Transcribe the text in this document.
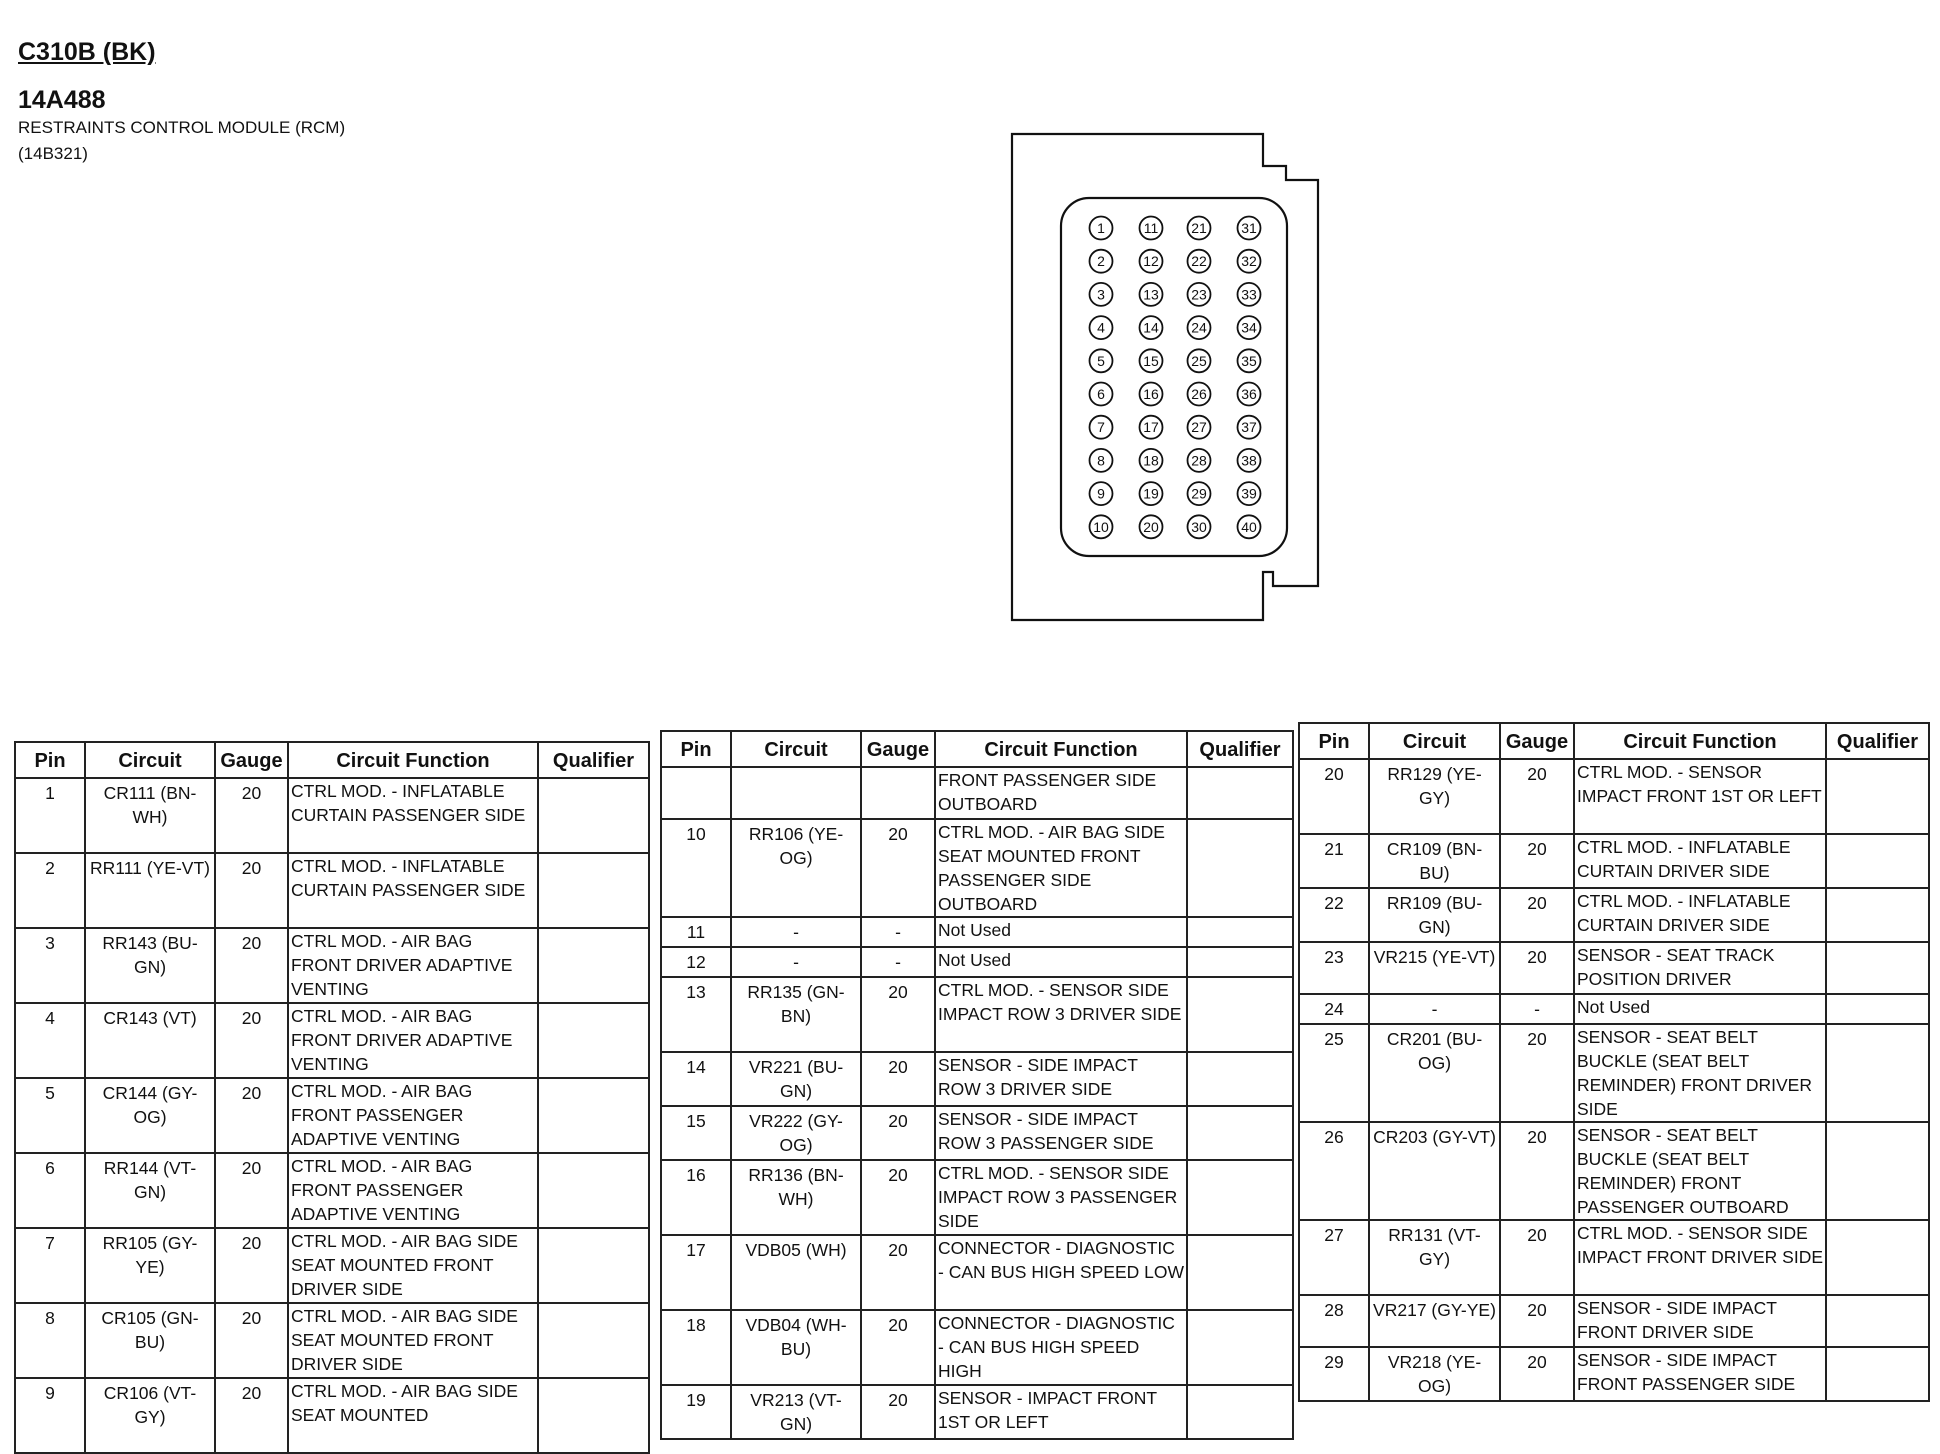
C310B (BK)
14A488
RESTRAINTS CONTROL MODULE (RCM)
(14B321)
1
2
3
4
5
6
7
8
9
10
11
12
13
14
15
16
17
18
19
20
21
22
23
24
25
26
27
28
29
30
31
32
33
34
35
36
37
38
39
40
Pin	Circuit	Gauge	Circuit Function	Qualifier
1	CR111 (BN-WH)	20	CTRL MOD. - INFLATABLE CURTAIN PASSENGER SIDE	
2	RR111 (YE-VT)	20	CTRL MOD. - INFLATABLE CURTAIN PASSENGER SIDE	
3	RR143 (BU-GN)	20	CTRL MOD. - AIR BAG FRONT DRIVER ADAPTIVE VENTING	
4	CR143 (VT)	20	CTRL MOD. - AIR BAG FRONT DRIVER ADAPTIVE VENTING	
5	CR144 (GY-OG)	20	CTRL MOD. - AIR BAG FRONT PASSENGER ADAPTIVE VENTING	
6	RR144 (VT-GN)	20	CTRL MOD. - AIR BAG FRONT PASSENGER ADAPTIVE VENTING	
7	RR105 (GY-YE)	20	CTRL MOD. - AIR BAG SIDE SEAT MOUNTED FRONT DRIVER SIDE	
8	CR105 (GN-BU)	20	CTRL MOD. - AIR BAG SIDE SEAT MOUNTED FRONT DRIVER SIDE	
9	CR106 (VT-GY)	20	CTRL MOD. - AIR BAG SIDE SEAT MOUNTED	
Pin	Circuit	Gauge	Circuit Function	Qualifier
			FRONT PASSENGER SIDE OUTBOARD	
10	RR106 (YE-OG)	20	CTRL MOD. - AIR BAG SIDE SEAT MOUNTED FRONT PASSENGER SIDE OUTBOARD	
11	-	-	Not Used	
12	-	-	Not Used	
13	RR135 (GN-BN)	20	CTRL MOD. - SENSOR SIDE IMPACT ROW 3 DRIVER SIDE	
14	VR221 (BU-GN)	20	SENSOR - SIDE IMPACT ROW 3 DRIVER SIDE	
15	VR222 (GY-OG)	20	SENSOR - SIDE IMPACT ROW 3 PASSENGER SIDE	
16	RR136 (BN-WH)	20	CTRL MOD. - SENSOR SIDE IMPACT ROW 3 PASSENGER SIDE	
17	VDB05 (WH)	20	CONNECTOR - DIAGNOSTIC - CAN BUS HIGH SPEED LOW	
18	VDB04 (WH-BU)	20	CONNECTOR - DIAGNOSTIC - CAN BUS HIGH SPEED HIGH	
19	VR213 (VT-GN)	20	SENSOR - IMPACT FRONT 1ST OR LEFT	
Pin	Circuit	Gauge	Circuit Function	Qualifier
20	RR129 (YE-GY)	20	CTRL MOD. - SENSOR IMPACT FRONT 1ST OR LEFT	
21	CR109 (BN-BU)	20	CTRL MOD. - INFLATABLE CURTAIN DRIVER SIDE	
22	RR109 (BU-GN)	20	CTRL MOD. - INFLATABLE CURTAIN DRIVER SIDE	
23	VR215 (YE-VT)	20	SENSOR - SEAT TRACK POSITION DRIVER	
24	-	-	Not Used	
25	CR201 (BU-OG)	20	SENSOR - SEAT BELT BUCKLE (SEAT BELT REMINDER) FRONT DRIVER SIDE	
26	CR203 (GY-VT)	20	SENSOR - SEAT BELT BUCKLE (SEAT BELT REMINDER) FRONT PASSENGER OUTBOARD	
27	RR131 (VT-GY)	20	CTRL MOD. - SENSOR SIDE IMPACT FRONT DRIVER SIDE	
28	VR217 (GY-YE)	20	SENSOR - SIDE IMPACT FRONT DRIVER SIDE	
29	VR218 (YE-OG)	20	SENSOR - SIDE IMPACT FRONT PASSENGER SIDE	
